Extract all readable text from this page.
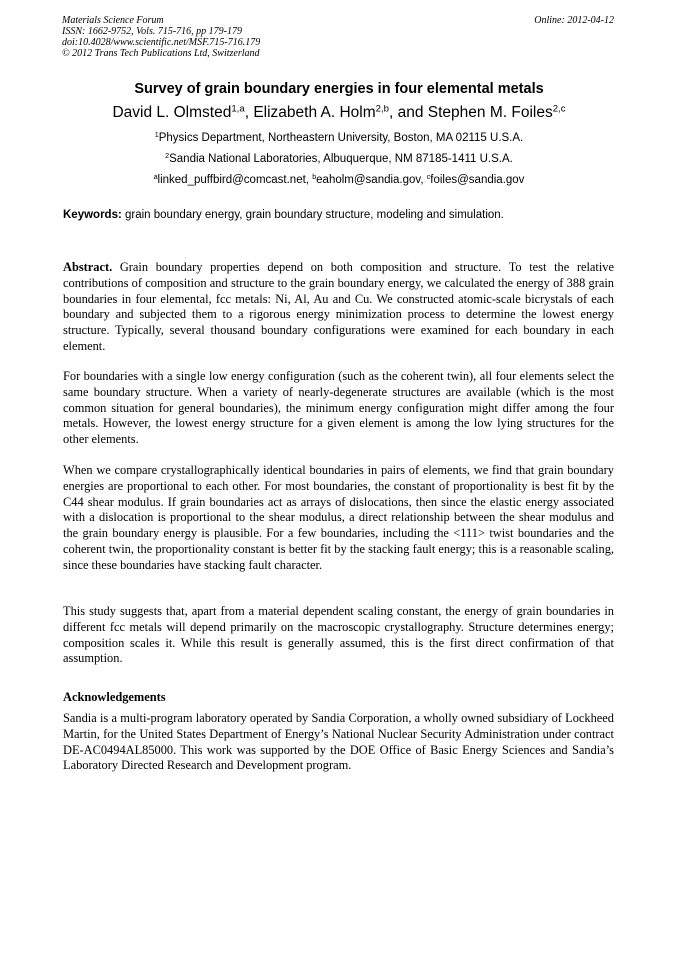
Materials Science Forum
ISSN: 1662-9752, Vols. 715-716, pp 179-179
doi:10.4028/www.scientific.net/MSF.715-716.179
© 2012 Trans Tech Publications Ltd, Switzerland
Online: 2012-04-12
Survey of grain boundary energies in four elemental metals
David L. Olmsted$^{1,a}$, Elizabeth A. Holm$^{2,b}$, and Stephen M. Foiles$^{2,c}$
$^1$Physics Department, Northeastern University, Boston, MA 02115 U.S.A.
$^2$Sandia National Laboratories, Albuquerque, NM 87185-1411 U.S.A.
$^a$linked_puffbird@comcast.net, $^b$eaholm@sandia.gov, $^c$foiles@sandia.gov
Keywords: grain boundary energy, grain boundary structure, modeling and simulation.
Abstract. Grain boundary properties depend on both composition and structure. To test the relative contributions of composition and structure to the grain boundary energy, we calculated the energy of 388 grain boundaries in four elemental, fcc metals: Ni, Al, Au and Cu. We constructed atomic-scale bicrystals of each boundary and subjected them to a rigorous energy minimization process to determine the lowest energy structure. Typically, several thousand boundary configurations were examined for each boundary in each element.
For boundaries with a single low energy configuration (such as the coherent twin), all four elements select the same boundary structure. When a variety of nearly-degenerate structures are available (which is the most common situation for general boundaries), the minimum energy configuration might differ among the four metals. However, the lowest energy structure for a given element is among the low lying structures for the other elements.
When we compare crystallographically identical boundaries in pairs of elements, we find that grain boundary energies are proportional to each other. For most boundaries, the constant of proportionality is best fit by the C44 shear modulus. If grain boundaries act as arrays of dislocations, then since the elastic energy associated with a dislocation is proportional to the shear modulus, a direct relationship between the shear modulus and the grain boundary energy is plausible. For a few boundaries, including the <111> twist boundaries and the coherent twin, the proportionality constant is better fit by the stacking fault energy; this is a reasonable scaling, since these boundaries have stacking fault character.
This study suggests that, apart from a material dependent scaling constant, the energy of grain boundaries in different fcc metals will depend primarily on the macroscopic crystallography. Structure determines energy; composition scales it. While this result is generally assumed, this is the first direct confirmation of that assumption.
Acknowledgements
Sandia is a multi-program laboratory operated by Sandia Corporation, a wholly owned subsidiary of Lockheed Martin, for the United States Department of Energy’s National Nuclear Security Administration under contract DE-AC0494AL85000. This work was supported by the DOE Office of Basic Energy Sciences and Sandia’s Laboratory Directed Research and Development program.
